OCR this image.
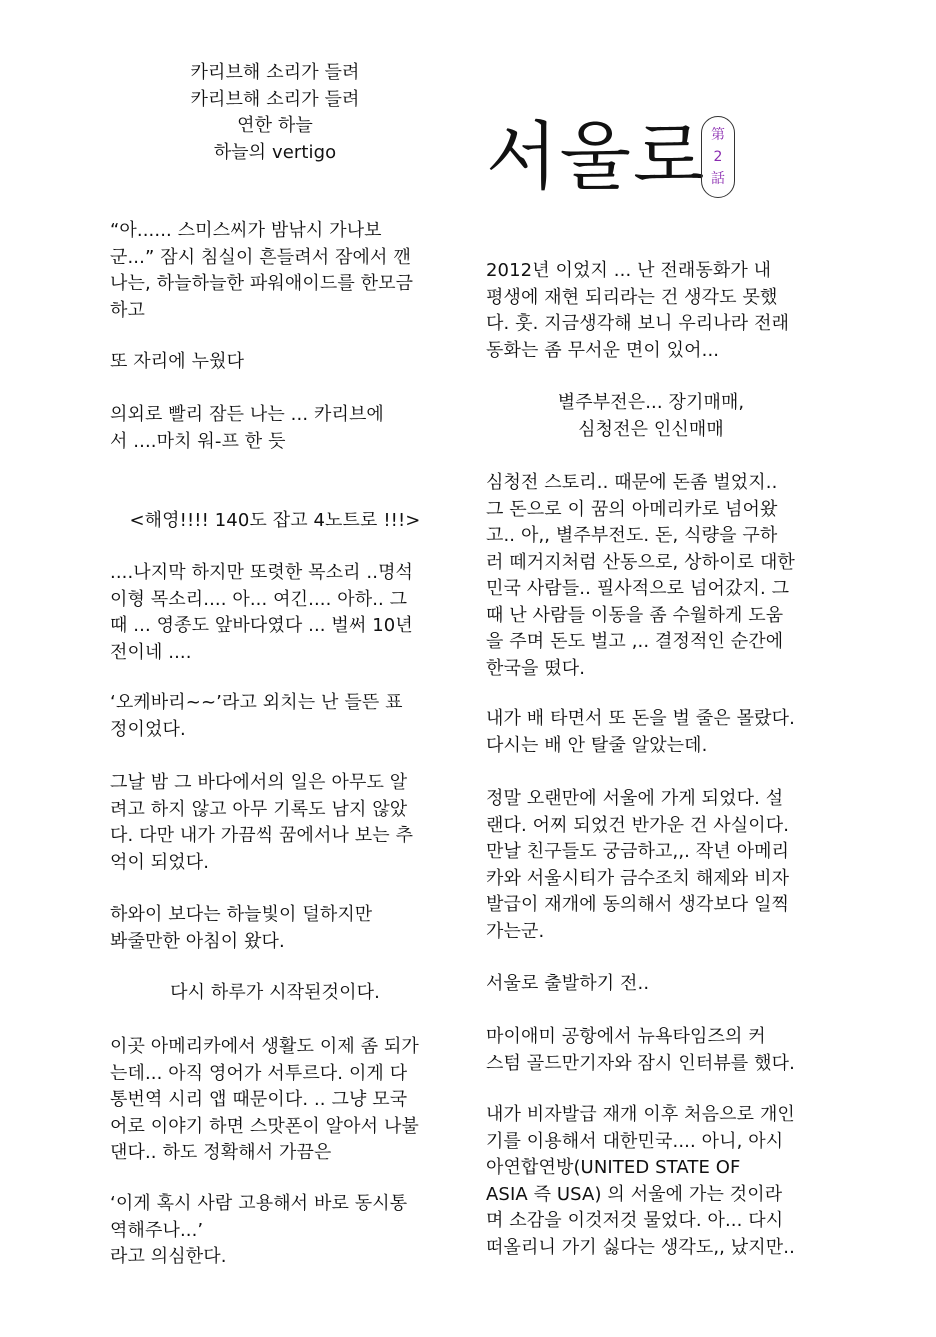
카리브해 소리가 들려
카리브해 소리가 들려
연한 하늘
하늘의 vertigo

“아...... 스미스씨가 밤낚시 가나보
군...” 잠시 침실이 흔들려서 잠에서 깬
나는, 하늘하늘한 파워애이드를 한모금
하고

또 자리에 누웠다

의외로 빨리 잠든 나는 ... 카리브에
서 ....마치 워-프 한 듯

<해영!!!! 140도 잡고 4노트로 !!!>

....나지막 하지만 또렷한 목소리 ..명석
이형 목소리.... 아... 여긴.... 아하.. 그
때 ... 영종도 앞바다였다 ... 벌써 10년
전이네 ....

‘오케바리~~’라고 외치는 난 들뜬 표
정이었다.

그날 밤 그 바다에서의 일은 아무도 알
려고 하지 않고 아무 기록도 남지 않았
다. 다만 내가 가끔씩 꿈에서나 보는 추
억이 되었다.

하와이 보다는 하늘빛이 덜하지만
봐줄만한 아침이 왔다.

다시 하루가 시작된것이다.

이곳 아메리카에서 생활도 이제 좀 되가
는데... 아직 영어가 서투르다. 이게 다
통번역 시리 앱 때문이다. .. 그냥 모국
어로 이야기 하면 스맛폰이 알아서 나불
댄다.. 하도 정확해서 가끔은

‘이게 혹시 사람 고용해서 바로 동시통
역해주나...’
라고 의심한다.

서울로 第
2
話

2012년 이었지 ... 난 전래동화가 내
평생에 재현 되리라는 건 생각도 못했
다. 훗. 지금생각해 보니 우리나라 전래
동화는 좀 무서운 면이 있어...

별주부전은... 장기매매,
심청전은 인신매매

심청전 스토리.. 때문에 돈좀 벌었지..
그 돈으로 이 꿈의 아메리카로 넘어왔
고.. 아,, 별주부전도. 돈, 식량을 구하
러 떼거지처럼 산동으로, 상하이로 대한
민국 사람들.. 필사적으로 넘어갔지. 그
때 난 사람들 이동을 좀 수월하게 도움
을 주며 돈도 벌고 ,.. 결정적인 순간에
한국을 떴다.

내가 배 타면서 또 돈을 벌 줄은 몰랐다.
다시는 배 안 탈줄 알았는데.

정말 오랜만에 서울에 가게 되었다. 설
랜다. 어찌 되었건 반가운 건 사실이다.
만날 친구들도 궁금하고,,. 작년 아메리
카와 서울시티가 금수조치 해제와 비자
발급이 재개에 동의해서 생각보다 일찍
가는군.

서울로 출발하기 전..

마이애미 공항에서 뉴욕타임즈의 커
스텀 골드만기자와 잠시 인터뷰를 했다.

내가 비자발급 재개 이후 처음으로 개인
기를 이용해서 대한민국.... 아니, 아시
아연합연방(UNITED STATE OF
ASIA 즉 USA) 의 서울에 가는 것이라
며 소감을 이것저것 물었다. 아... 다시
떠올리니 가기 싫다는 생각도,, 났지만..
